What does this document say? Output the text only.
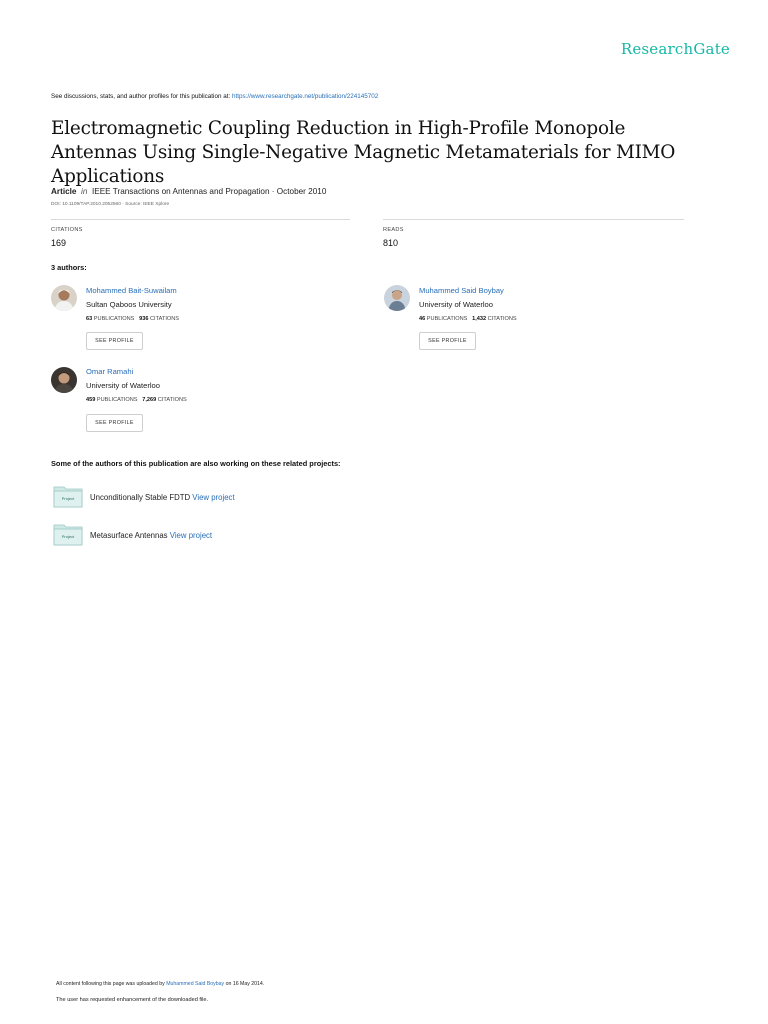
ResearchGate
See discussions, stats, and author profiles for this publication at: https://www.researchgate.net/publication/224145702
Electromagnetic Coupling Reduction in High-Profile Monopole Antennas Using Single-Negative Magnetic Metamaterials for MIMO Applications
Article in IEEE Transactions on Antennas and Propagation · October 2010
DOI: 10.1109/TAP.2010.2052560 · Source: IEEE Xplore
CITATIONS
169
READS
810
3 authors:
Mohammed Bait-Suwailam
Sultan Qaboos University
63 PUBLICATIONS 936 CITATIONS
SEE PROFILE
Muhammed Said Boybay
University of Waterloo
46 PUBLICATIONS 1,432 CITATIONS
SEE PROFILE
Omar Ramahi
University of Waterloo
459 PUBLICATIONS 7,269 CITATIONS
SEE PROFILE
Some of the authors of this publication are also working on these related projects:
Project	Unconditionally Stable FDTD View project
Project	Metasurface Antennas View project
All content following this page was uploaded by Muhammed Said Boybay on 16 May 2014.
The user has requested enhancement of the downloaded file.
